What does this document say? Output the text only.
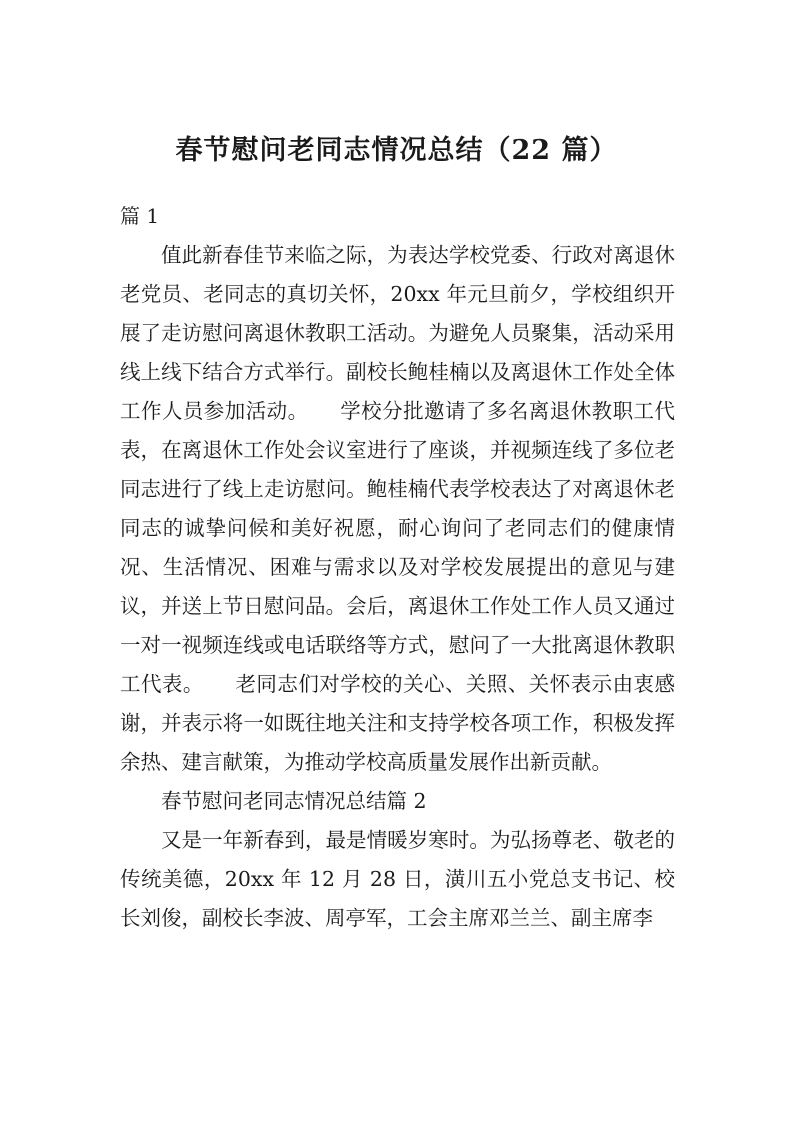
春节慰问老同志情况总结（22 篇）

篇 1

值此新春佳节来临之际，为表达学校党委、行政对离退休老党员、老同志的真切关怀，20xx 年元旦前夕，学校组织开展了走访慰问离退休教职工活动。为避免人员聚集，活动采用线上线下结合方式举行。副校长鲍桂楠以及离退休工作处全体工作人员参加活动。　　学校分批邀请了多名离退休教职工代表，在离退休工作处会议室进行了座谈，并视频连线了多位老同志进行了线上走访慰问。鲍桂楠代表学校表达了对离退休老同志的诚挚问候和美好祝愿，耐心询问了老同志们的健康情况、生活情况、困难与需求以及对学校发展提出的意见与建议，并送上节日慰问品。会后，离退休工作处工作人员又通过一对一视频连线或电话联络等方式，慰问了一大批离退休教职工代表。　　老同志们对学校的关心、关照、关怀表示由衷感谢，并表示将一如既往地关注和支持学校各项工作，积极发挥余热、建言献策，为推动学校高质量发展作出新贡献。

春节慰问老同志情况总结篇 2

又是一年新春到，最是情暖岁寒时。为弘扬尊老、敬老的传统美德，20xx 年 12 月 28 日，潢川五小党总支书记、校长刘俊，副校长李波、周亭军，工会主席邓兰兰、副主席李
